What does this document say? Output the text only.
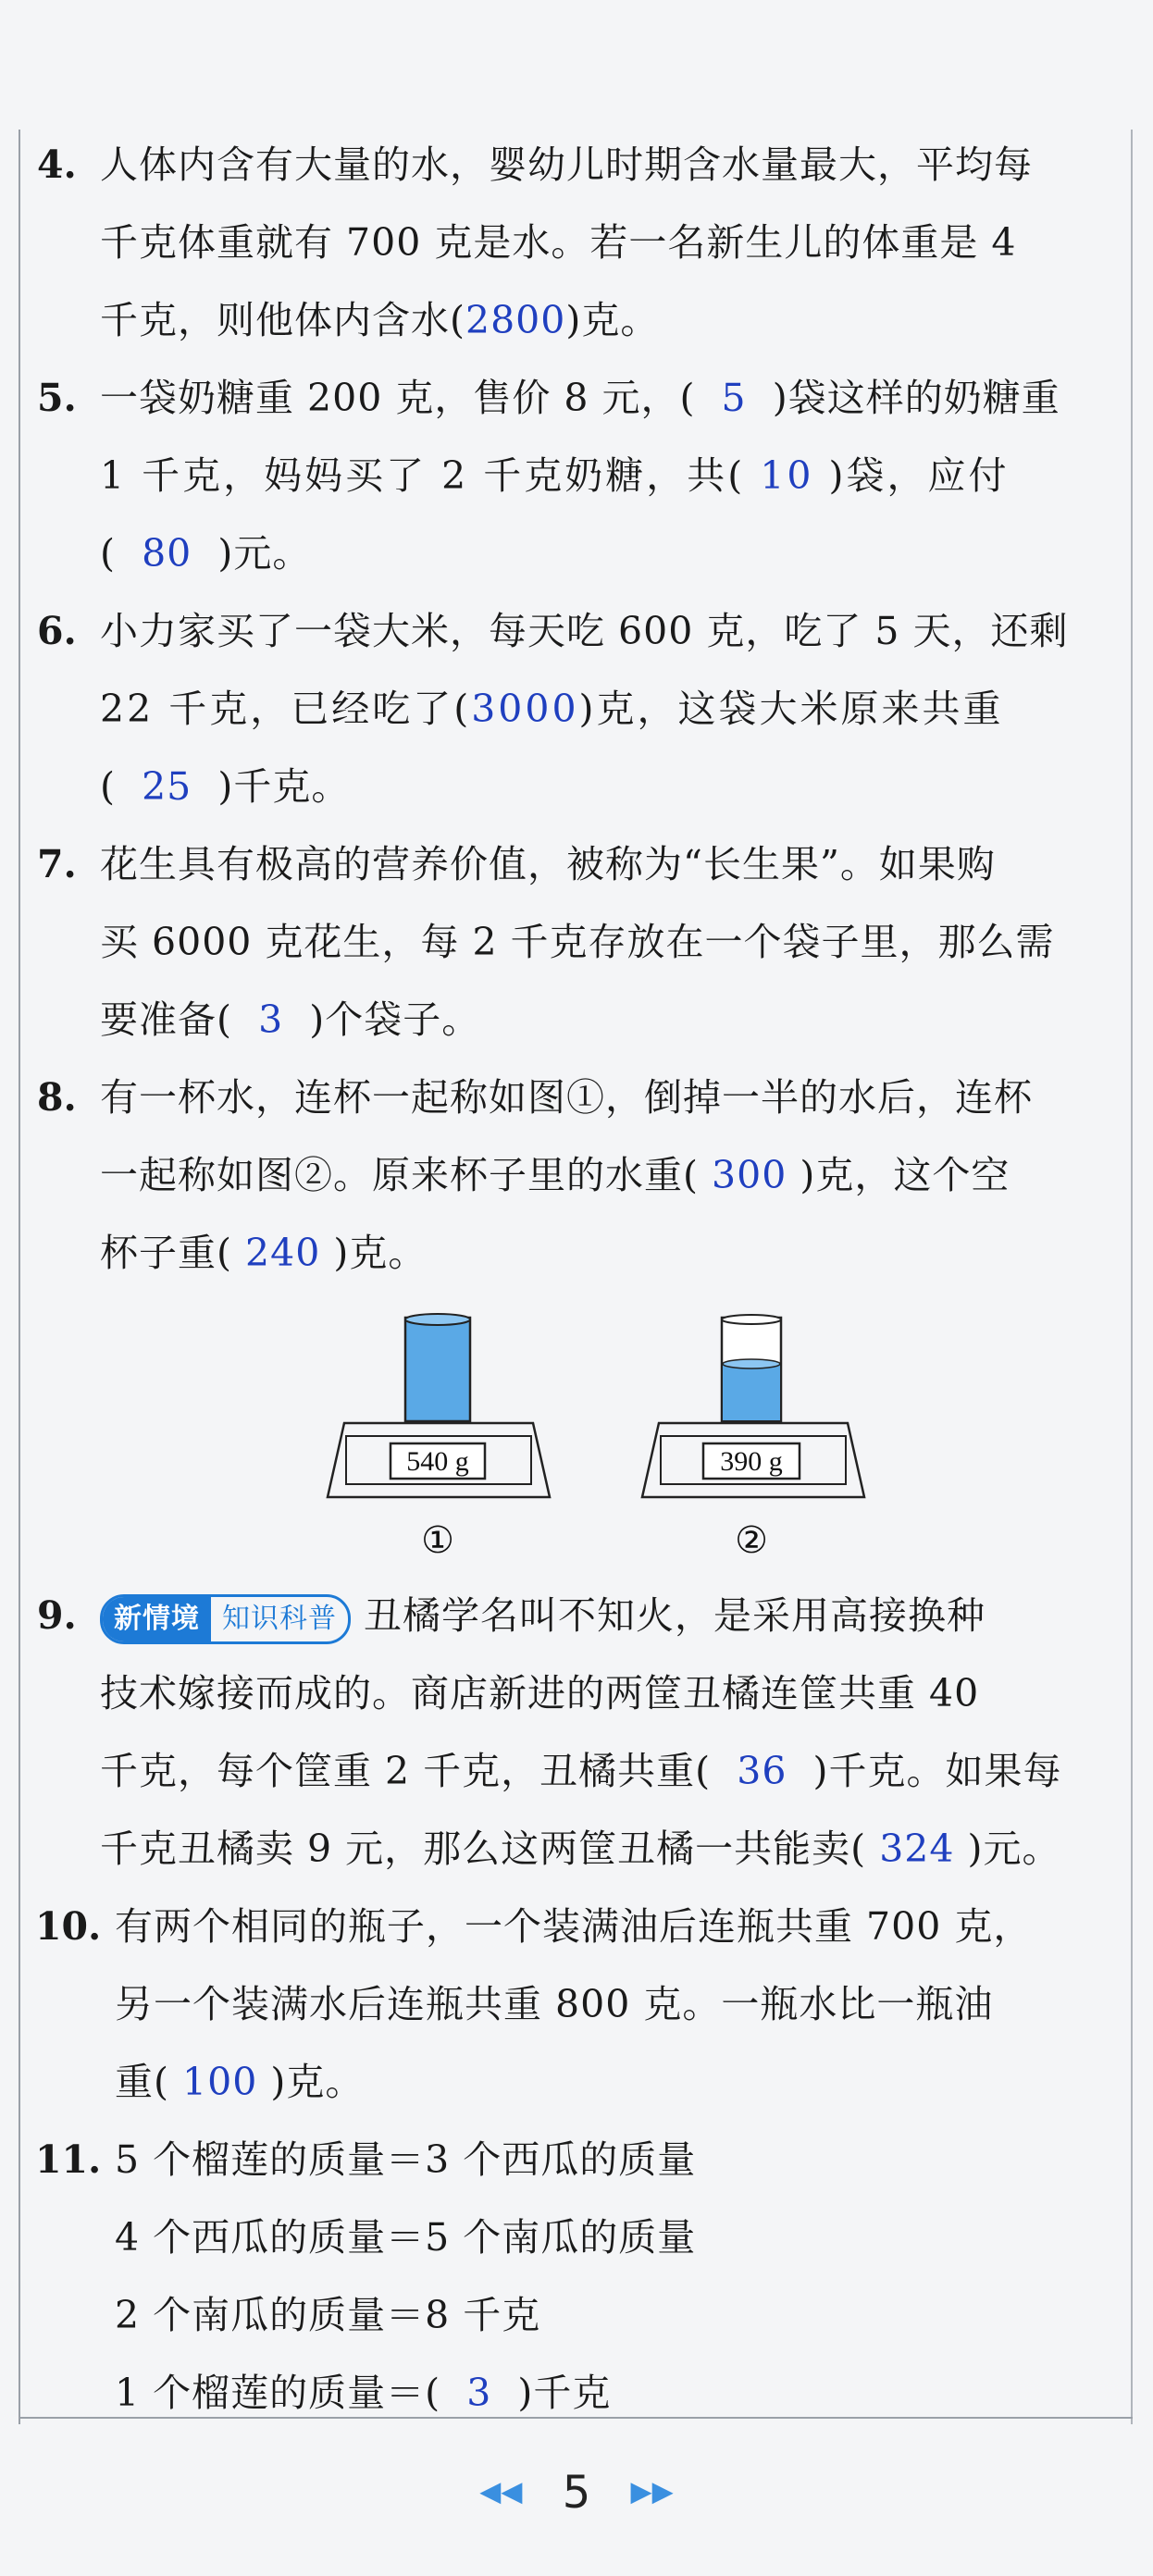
4. 人体内含有大量的水，婴幼儿时期含水量最大，平均每
千克体重就有 700 克是水。若一名新生儿的体重是 4
千克，则他体内含水(2800)克。
5. 一袋奶糖重 200 克，售价 8 元，( 5 )袋这样的奶糖重
1 千克，妈妈买了 2 千克奶糖，共( 10 )袋，应付
( 80 )元。
6. 小力家买了一袋大米，每天吃 600 克，吃了 5 天，还剩
22 千克，已经吃了(3000)克，这袋大米原来共重
( 25 )千克。
7. 花生具有极高的营养价值，被称为“长生果”。如果购
买 6000 克花生，每 2 千克存放在一个袋子里，那么需
要准备( 3 )个袋子。
8. 有一杯水，连杯一起称如图①，倒掉一半的水后，连杯
一起称如图②。原来杯子里的水重( 300 )克，这个空
杯子重( 240 )克。
540 g
①
390 g
②
9.	新情境 知识科普 丑橘学名叫不知火，是采用高接换种
技术嫁接而成的。商店新进的两筐丑橘连筐共重 40
千克，每个筐重 2 千克，丑橘共重( 36 )千克。如果每
千克丑橘卖 9 元，那么这两筐丑橘一共能卖( 324 )元。
10. 有两个相同的瓶子，一个装满油后连瓶共重 700 克，
另一个装满水后连瓶共重 800 克。一瓶水比一瓶油
重( 100 )克。
11. 5 个榴莲的质量＝3 个西瓜的质量
4 个西瓜的质量＝5 个南瓜的质量
2 个南瓜的质量＝8 千克
1 个榴莲的质量＝( 3 )千克
◀◀ 5 ▶▶
